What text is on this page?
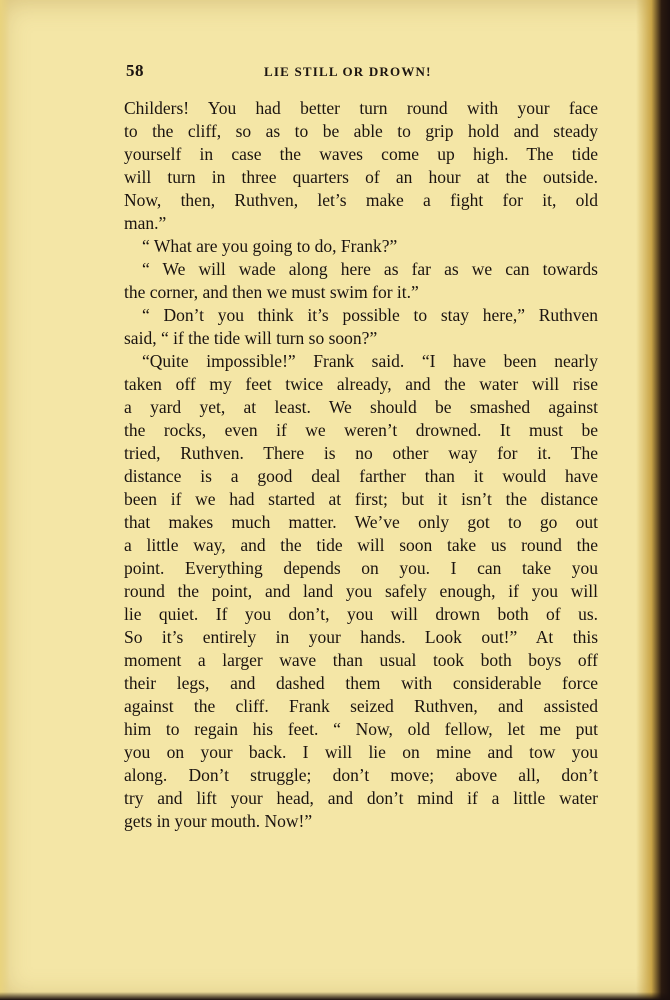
58	LIE STILL OR DROWN!
Childers! You had better turn round with your face
to the cliff, so as to be able to grip hold and steady
yourself in case the waves come up high. The tide
will turn in three quarters of an hour at the outside.
Now, then, Ruthven, let’s make a fight for it, old
man.”
“ What are you going to do, Frank?”
“ We will wade along here as far as we can towards
the corner, and then we must swim for it.”
“ Don’t you think it’s possible to stay here,” Ruthven
said, “ if the tide will turn so soon?”
“Quite impossible!” Frank said. “I have been nearly
taken off my feet twice already, and the water will rise
a yard yet, at least. We should be smashed against
the rocks, even if we weren’t drowned. It must be
tried, Ruthven. There is no other way for it. The
distance is a good deal farther than it would have
been if we had started at first; but it isn’t the distance
that makes much matter. We’ve only got to go out
a little way, and the tide will soon take us round the
point. Everything depends on you. I can take you
round the point, and land you safely enough, if you will
lie quiet. If you don’t, you will drown both of us.
So it’s entirely in your hands. Look out!” At this
moment a larger wave than usual took both boys off
their legs, and dashed them with considerable force
against the cliff. Frank seized Ruthven, and assisted
him to regain his feet. “ Now, old fellow, let me put
you on your back. I will lie on mine and tow you
along. Don’t struggle; don’t move; above all, don’t
try and lift your head, and don’t mind if a little water
gets in your mouth. Now!”
